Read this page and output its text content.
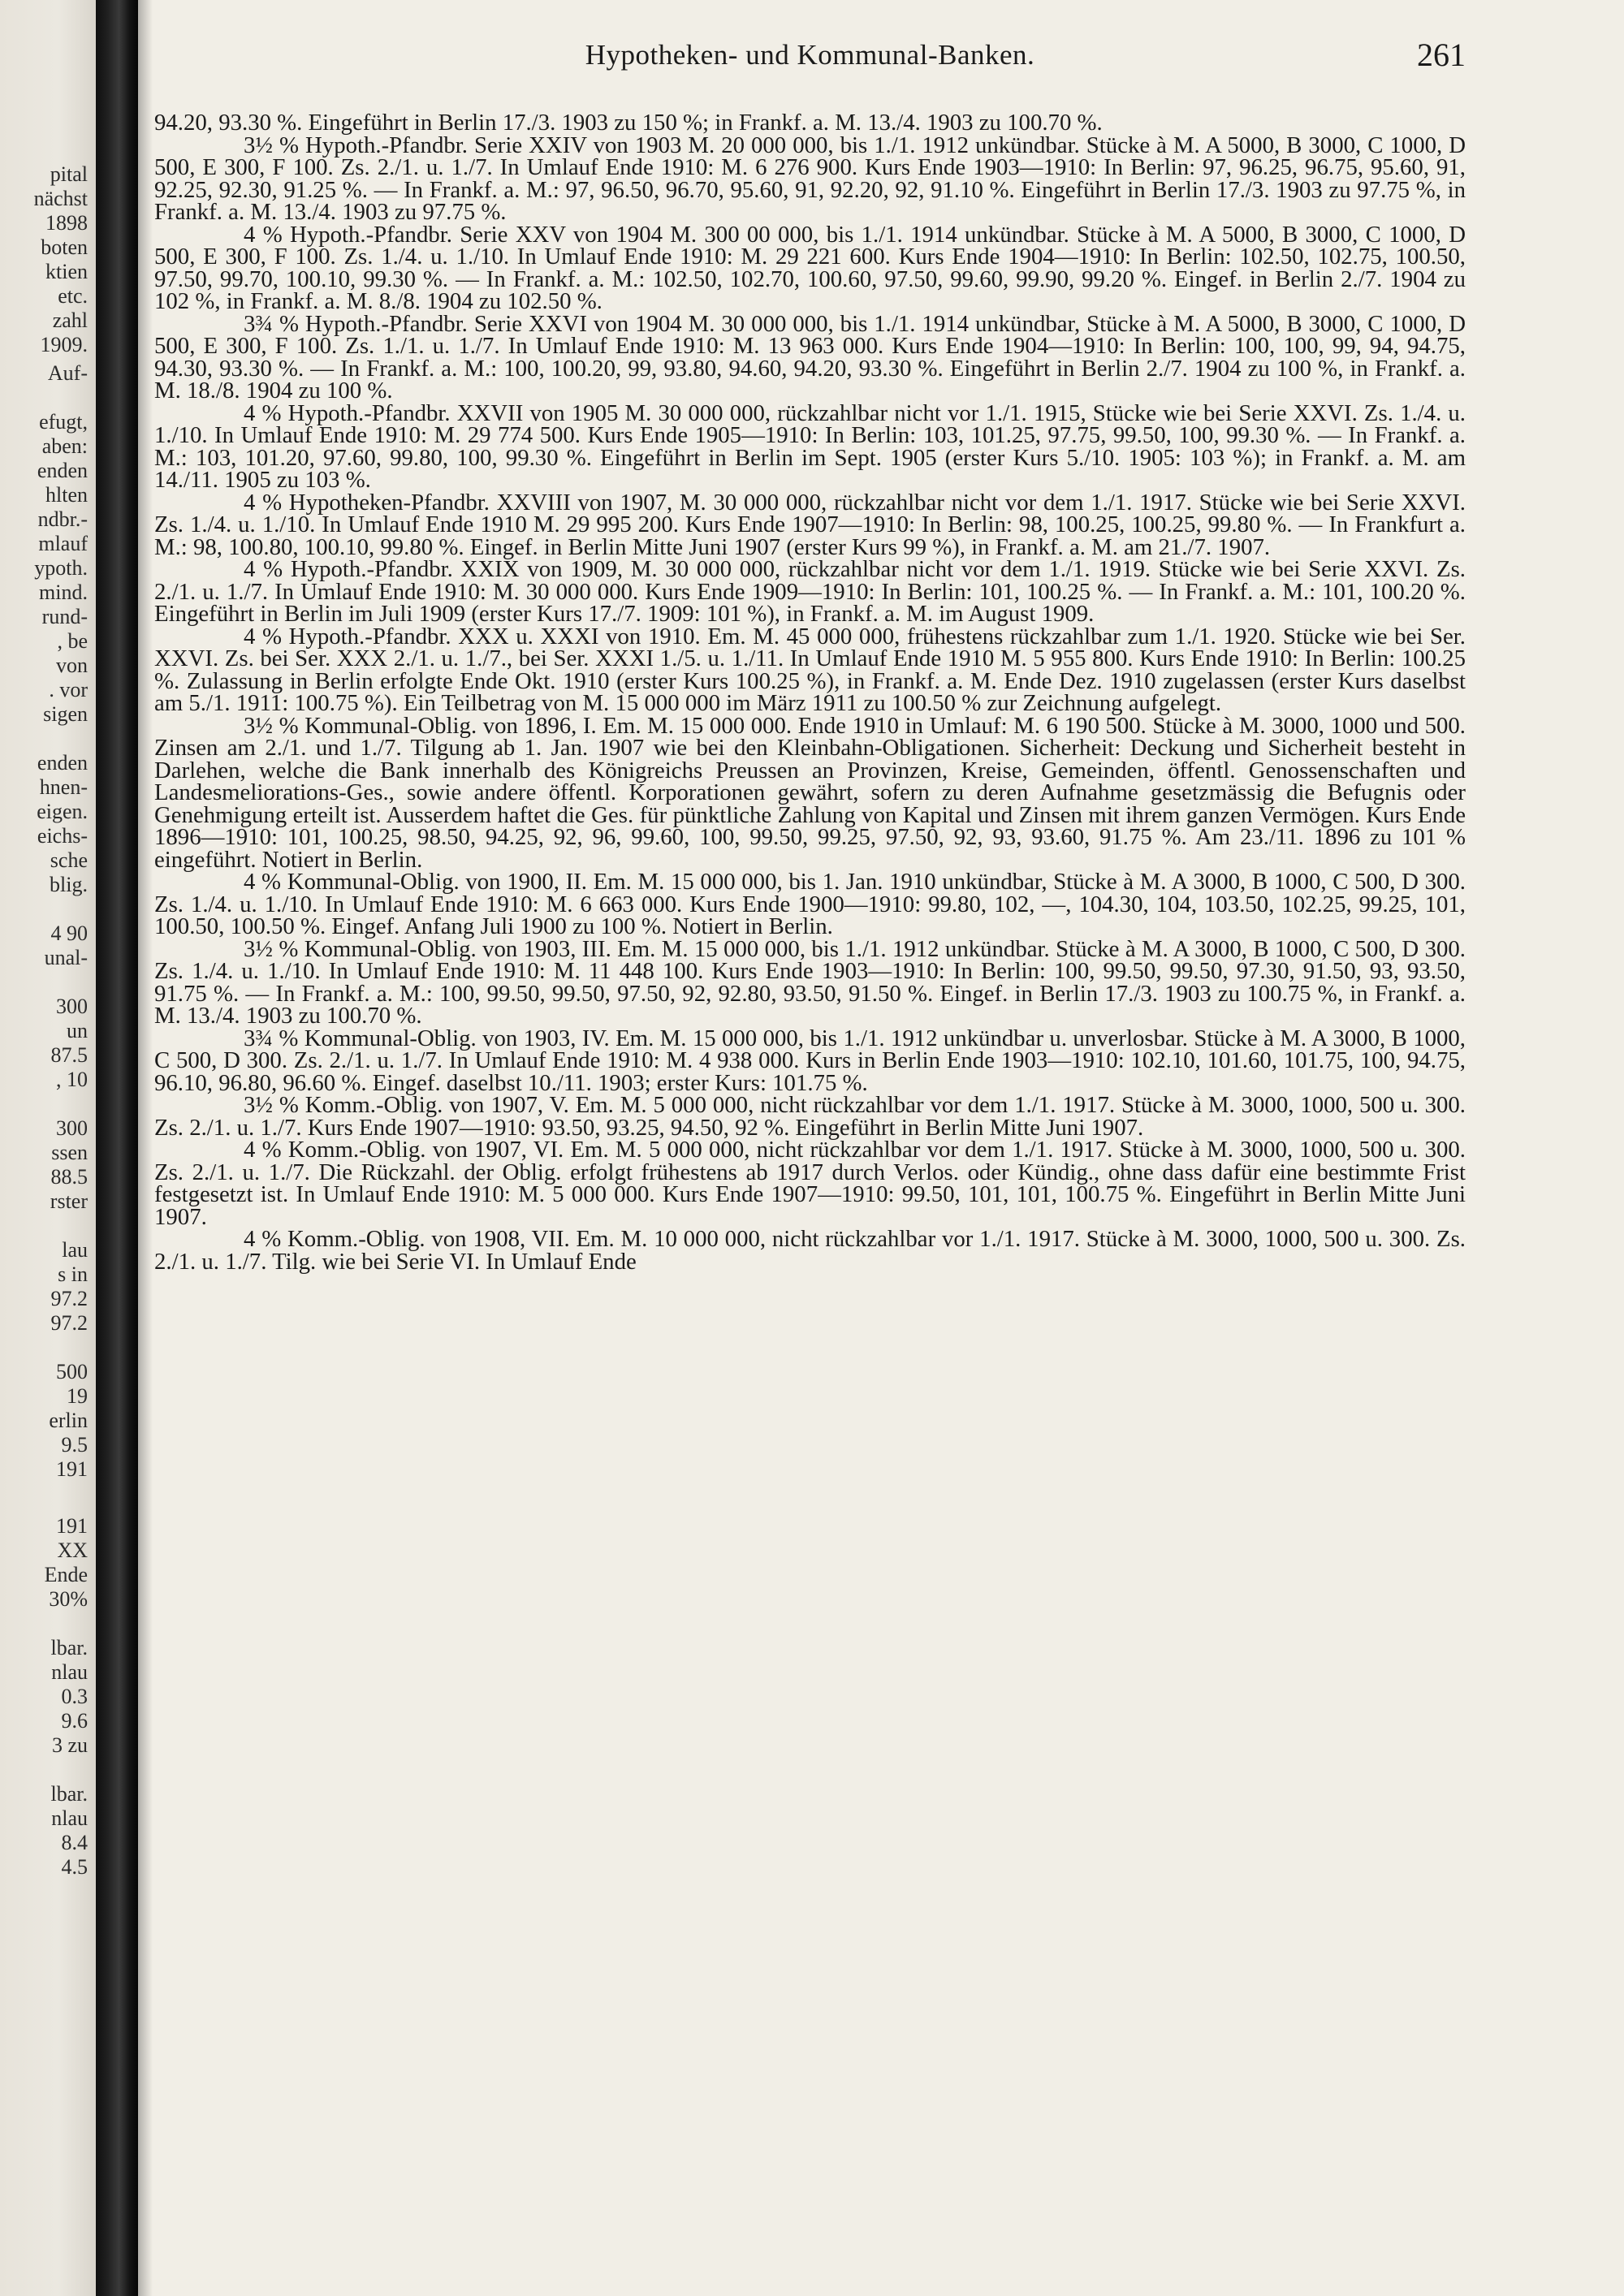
pital
nächst
1898
boten
ktien
etc.
zahl
1909.
Auf-
efugt,
aben:
enden
hlten
ndbr.-
mlauf
ypoth.
mind.
rund-
, be
von
. vor
sigen
enden
hnen-
eigen.
eichs-
sche
blig.
4 90
unal-
300
un
87.5
, 10
300
ssen
88.5
rster
lau
s in
97.2
97.2
500
19
erlin
9.5
191
191
XX
Ende
30%
lbar.
nlau
0.3
9.6
3 zu
lbar.
nlau
8.4
4.5
Hypotheken- und Kommunal-Banken.	261

94.20, 93.30 %. Eingeführt in Berlin 17./3. 1903 zu 150 %; in Frankf. a. M. 13./4. 1903 zu 100.70 %.

3½ % Hypoth.-Pfandbr. Serie XXIV von 1903 M. 20 000 000, bis 1./1. 1912 unkündbar. Stücke à M. A 5000, B 3000, C 1000, D 500, E 300, F 100. Zs. 2./1. u. 1./7. In Umlauf Ende 1910: M. 6 276 900. Kurs Ende 1903—1910: In Berlin: 97, 96.25, 96.75, 95.60, 91, 92.25, 92.30, 91.25 %. — In Frankf. a. M.: 97, 96.50, 96.70, 95.60, 91, 92.20, 92, 91.10 %. Eingeführt in Berlin 17./3. 1903 zu 97.75 %, in Frankf. a. M. 13./4. 1903 zu 97.75 %.

4 % Hypoth.-Pfandbr. Serie XXV von 1904 M. 300 00 000, bis 1./1. 1914 unkündbar. Stücke à M. A 5000, B 3000, C 1000, D 500, E 300, F 100. Zs. 1./4. u. 1./10. In Umlauf Ende 1910: M. 29 221 600. Kurs Ende 1904—1910: In Berlin: 102.50, 102.75, 100.50, 97.50, 99.70, 100.10, 99.30 %. — In Frankf. a. M.: 102.50, 102.70, 100.60, 97.50, 99.60, 99.90, 99.20 %. Eingef. in Berlin 2./7. 1904 zu 102 %, in Frankf. a. M. 8./8. 1904 zu 102.50 %.

3¾ % Hypoth.-Pfandbr. Serie XXVI von 1904 M. 30 000 000, bis 1./1. 1914 unkündbar, Stücke à M. A 5000, B 3000, C 1000, D 500, E 300, F 100. Zs. 1./1. u. 1./7. In Umlauf Ende 1910: M. 13 963 000. Kurs Ende 1904—1910: In Berlin: 100, 100, 99, 94, 94.75, 94.30, 93.30 %. — In Frankf. a. M.: 100, 100.20, 99, 93.80, 94.60, 94.20, 93.30 %. Eingeführt in Berlin 2./7. 1904 zu 100 %, in Frankf. a. M. 18./8. 1904 zu 100 %.

4 % Hypoth.-Pfandbr. XXVII von 1905 M. 30 000 000, rückzahlbar nicht vor 1./1. 1915, Stücke wie bei Serie XXVI. Zs. 1./4. u. 1./10. In Umlauf Ende 1910: M. 29 774 500. Kurs Ende 1905—1910: In Berlin: 103, 101.25, 97.75, 99.50, 100, 99.30 %. — In Frankf. a. M.: 103, 101.20, 97.60, 99.80, 100, 99.30 %. Eingeführt in Berlin im Sept. 1905 (erster Kurs 5./10. 1905: 103 %); in Frankf. a. M. am 14./11. 1905 zu 103 %.

4 % Hypotheken-Pfandbr. XXVIII von 1907, M. 30 000 000, rückzahlbar nicht vor dem 1./1. 1917. Stücke wie bei Serie XXVI. Zs. 1./4. u. 1./10. In Umlauf Ende 1910 M. 29 995 200. Kurs Ende 1907—1910: In Berlin: 98, 100.25, 100.25, 99.80 %. — In Frankfurt a. M.: 98, 100.80, 100.10, 99.80 %. Eingef. in Berlin Mitte Juni 1907 (erster Kurs 99 %), in Frankf. a. M. am 21./7. 1907.

4 % Hypoth.-Pfandbr. XXIX von 1909, M. 30 000 000, rückzahlbar nicht vor dem 1./1. 1919. Stücke wie bei Serie XXVI. Zs. 2./1. u. 1./7. In Umlauf Ende 1910: M. 30 000 000. Kurs Ende 1909—1910: In Berlin: 101, 100.25 %. — In Frankf. a. M.: 101, 100.20 %. Eingeführt in Berlin im Juli 1909 (erster Kurs 17./7. 1909: 101 %), in Frankf. a. M. im August 1909.

4 % Hypoth.-Pfandbr. XXX u. XXXI von 1910. Em. M. 45 000 000, frühestens rückzahlbar zum 1./1. 1920. Stücke wie bei Ser. XXVI. Zs. bei Ser. XXX 2./1. u. 1./7., bei Ser. XXXI 1./5. u. 1./11. In Umlauf Ende 1910 M. 5 955 800. Kurs Ende 1910: In Berlin: 100.25 %. Zulassung in Berlin erfolgte Ende Okt. 1910 (erster Kurs 100.25 %), in Frankf. a. M. Ende Dez. 1910 zugelassen (erster Kurs daselbst am 5./1. 1911: 100.75 %). Ein Teilbetrag von M. 15 000 000 im März 1911 zu 100.50 % zur Zeichnung aufgelegt.

3½ % Kommunal-Oblig. von 1896, I. Em. M. 15 000 000. Ende 1910 in Umlauf: M. 6 190 500. Stücke à M. 3000, 1000 und 500. Zinsen am 2./1. und 1./7. Tilgung ab 1. Jan. 1907 wie bei den Kleinbahn-Obligationen. Sicherheit: Deckung und Sicherheit besteht in Darlehen, welche die Bank innerhalb des Königreichs Preussen an Provinzen, Kreise, Gemeinden, öffentl. Genossenschaften und Landesmeliorations-Ges., sowie andere öffentl. Korporationen gewährt, sofern zu deren Aufnahme gesetzmässig die Befugnis oder Genehmigung erteilt ist. Ausserdem haftet die Ges. für pünktliche Zahlung von Kapital und Zinsen mit ihrem ganzen Vermögen. Kurs Ende 1896—1910: 101, 100.25, 98.50, 94.25, 92, 96, 99.60, 100, 99.50, 99.25, 97.50, 92, 93, 93.60, 91.75 %. Am 23./11. 1896 zu 101 % eingeführt. Notiert in Berlin.

4 % Kommunal-Oblig. von 1900, II. Em. M. 15 000 000, bis 1. Jan. 1910 unkündbar, Stücke à M. A 3000, B 1000, C 500, D 300. Zs. 1./4. u. 1./10. In Umlauf Ende 1910: M. 6 663 000. Kurs Ende 1900—1910: 99.80, 102, —, 104.30, 104, 103.50, 102.25, 99.25, 101, 100.50, 100.50 %. Eingef. Anfang Juli 1900 zu 100 %. Notiert in Berlin.

3½ % Kommunal-Oblig. von 1903, III. Em. M. 15 000 000, bis 1./1. 1912 unkündbar. Stücke à M. A 3000, B 1000, C 500, D 300. Zs. 1./4. u. 1./10. In Umlauf Ende 1910: M. 11 448 100. Kurs Ende 1903—1910: In Berlin: 100, 99.50, 99.50, 97.30, 91.50, 93, 93.50, 91.75 %. — In Frankf. a. M.: 100, 99.50, 99.50, 97.50, 92, 92.80, 93.50, 91.50 %. Eingef. in Berlin 17./3. 1903 zu 100.75 %, in Frankf. a. M. 13./4. 1903 zu 100.70 %.

3¾ % Kommunal-Oblig. von 1903, IV. Em. M. 15 000 000, bis 1./1. 1912 unkündbar u. unverlosbar. Stücke à M. A 3000, B 1000, C 500, D 300. Zs. 2./1. u. 1./7. In Umlauf Ende 1910: M. 4 938 000. Kurs in Berlin Ende 1903—1910: 102.10, 101.60, 101.75, 100, 94.75, 96.10, 96.80, 96.60 %. Eingef. daselbst 10./11. 1903; erster Kurs: 101.75 %.

3½ % Komm.-Oblig. von 1907, V. Em. M. 5 000 000, nicht rückzahlbar vor dem 1./1. 1917. Stücke à M. 3000, 1000, 500 u. 300. Zs. 2./1. u. 1./7. Kurs Ende 1907—1910: 93.50, 93.25, 94.50, 92 %. Eingeführt in Berlin Mitte Juni 1907.

4 % Komm.-Oblig. von 1907, VI. Em. M. 5 000 000, nicht rückzahlbar vor dem 1./1. 1917. Stücke à M. 3000, 1000, 500 u. 300. Zs. 2./1. u. 1./7. Die Rückzahl. der Oblig. erfolgt frühestens ab 1917 durch Verlos. oder Kündig., ohne dass dafür eine bestimmte Frist festgesetzt ist. In Umlauf Ende 1910: M. 5 000 000. Kurs Ende 1907—1910: 99.50, 101, 101, 100.75 %. Eingeführt in Berlin Mitte Juni 1907.

4 % Komm.-Oblig. von 1908, VII. Em. M. 10 000 000, nicht rückzahlbar vor 1./1. 1917. Stücke à M. 3000, 1000, 500 u. 300. Zs. 2./1. u. 1./7. Tilg. wie bei Serie VI. In Umlauf Ende
